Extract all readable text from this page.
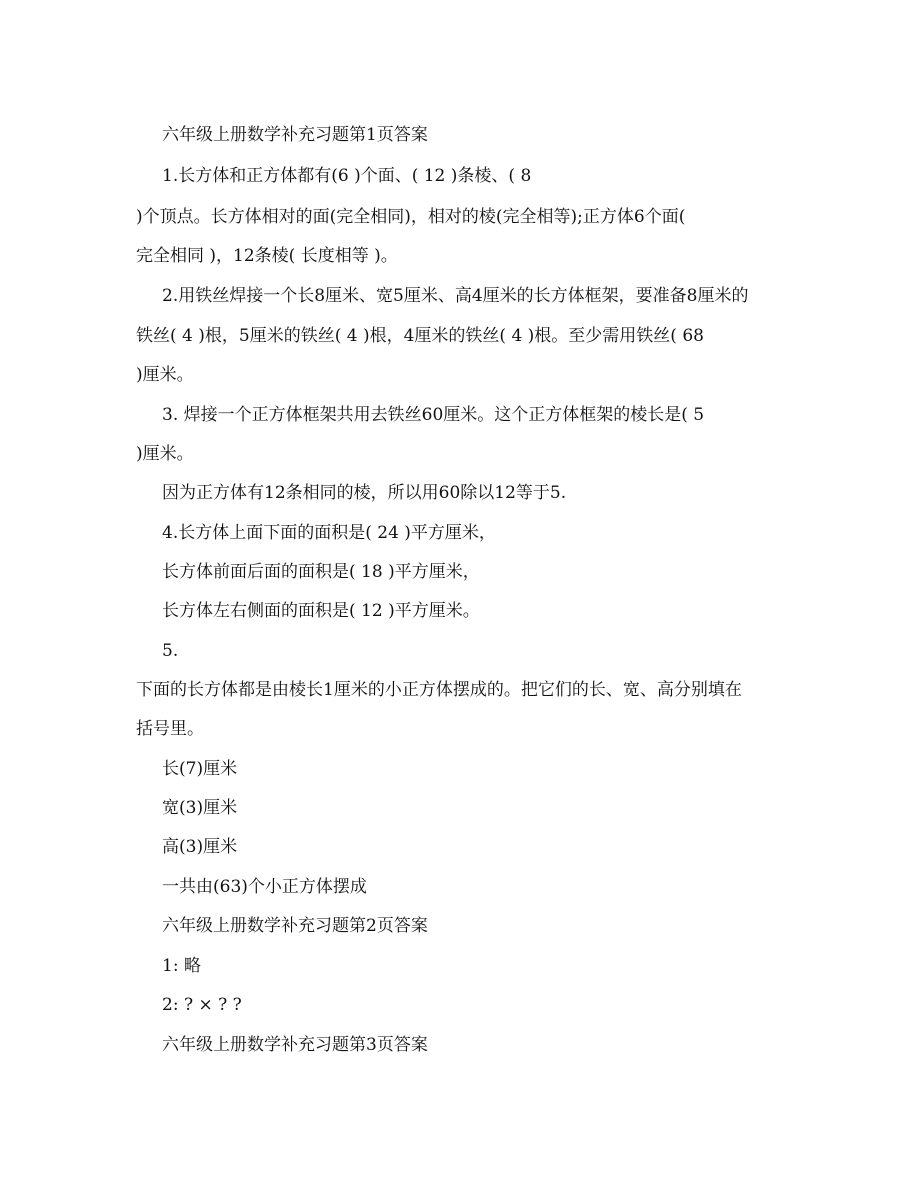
六年级上册数学补充习题第1页答案
1.长方体和正方体都有(6 )个面、( 12 )条棱、( 8
)个顶点。长方体相对的面(完全相同)，相对的棱(完全相等);正方体6个面(
完全相同 )，12条棱( 长度相等 )。
2.用铁丝焊接一个长8厘米、宽5厘米、高4厘米的长方体框架，要准备8厘米的
铁丝( 4 )根，5厘米的铁丝( 4 )根，4厘米的铁丝( 4 )根。至少需用铁丝( 68
)厘米。
3. 焊接一个正方体框架共用去铁丝60厘米。这个正方体框架的棱长是( 5
)厘米。
因为正方体有12条相同的棱，所以用60除以12等于5.
4.长方体上面下面的面积是( 24 )平方厘米，
长方体前面后面的面积是( 18 )平方厘米，
长方体左右侧面的面积是( 12 )平方厘米。
5.
下面的长方体都是由棱长1厘米的小正方体摆成的。把它们的长、宽、高分别填在
括号里。
长(7)厘米
宽(3)厘米
高(3)厘米
一共由(63)个小正方体摆成
六年级上册数学补充习题第2页答案
1: 略
2: ? × ? ?
六年级上册数学补充习题第3页答案
